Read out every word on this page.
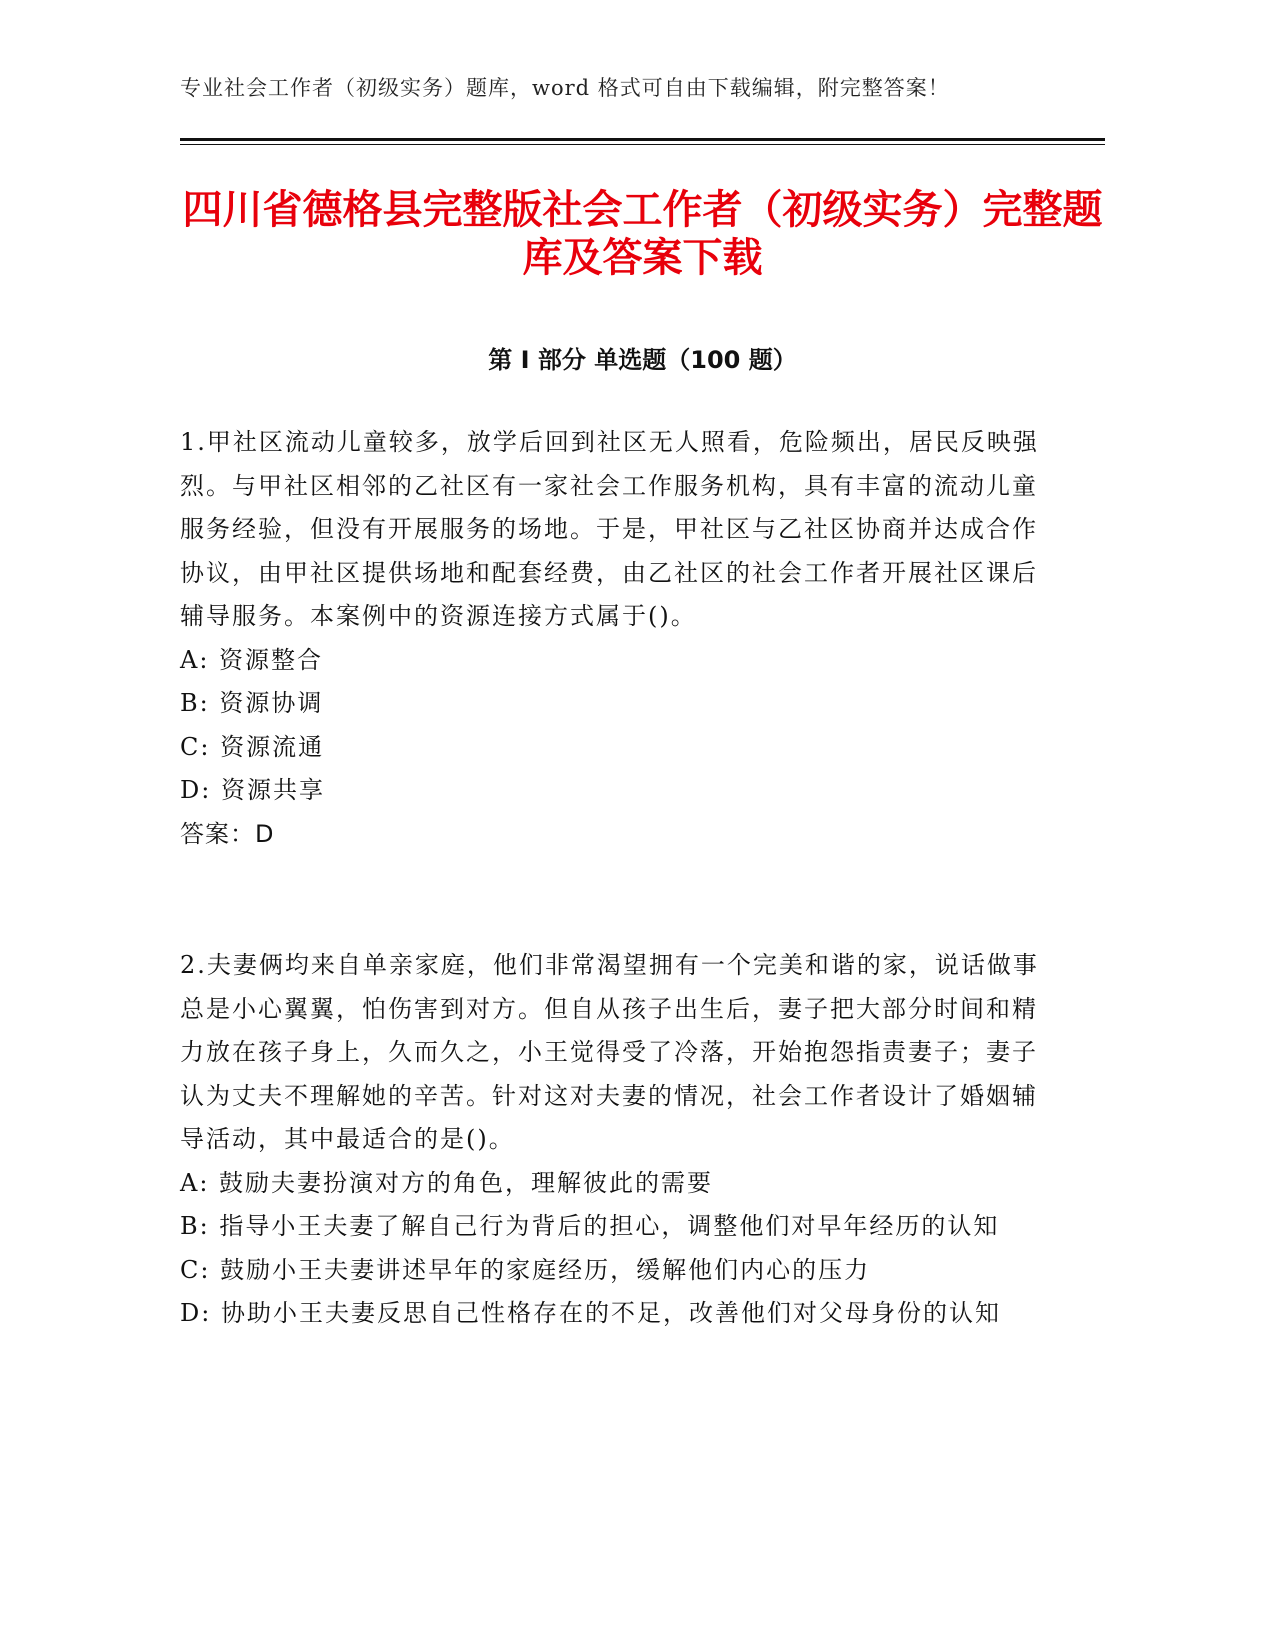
专业社会工作者（初级实务）题库，word 格式可自由下载编辑，附完整答案！
四川省德格县完整版社会工作者（初级实务）完整题库及答案下载
第 I 部分 单选题（100 题）

1.甲社区流动儿童较多，放学后回到社区无人照看，危险频出，居民反映强烈。与甲社区相邻的乙社区有一家社会工作服务机构，具有丰富的流动儿童服务经验，但没有开展服务的场地。于是，甲社区与乙社区协商并达成合作协议，由甲社区提供场地和配套经费，由乙社区的社会工作者开展社区课后辅导服务。本案例中的资源连接方式属于()。

A: 资源整合

B: 资源协调

C: 资源流通

D: 资源共享

答案：D

2.夫妻俩均来自单亲家庭，他们非常渴望拥有一个完美和谐的家，说话做事总是小心翼翼，怕伤害到对方。但自从孩子出生后，妻子把大部分时间和精力放在孩子身上，久而久之，小王觉得受了冷落，开始抱怨指责妻子；妻子认为丈夫不理解她的辛苦。针对这对夫妻的情况，社会工作者设计了婚姻辅导活动，其中最适合的是()。

A: 鼓励夫妻扮演对方的角色，理解彼此的需要

B: 指导小王夫妻了解自己行为背后的担心，调整他们对早年经历的认知

C: 鼓励小王夫妻讲述早年的家庭经历，缓解他们内心的压力

D: 协助小王夫妻反思自己性格存在的不足，改善他们对父母身份的认知
